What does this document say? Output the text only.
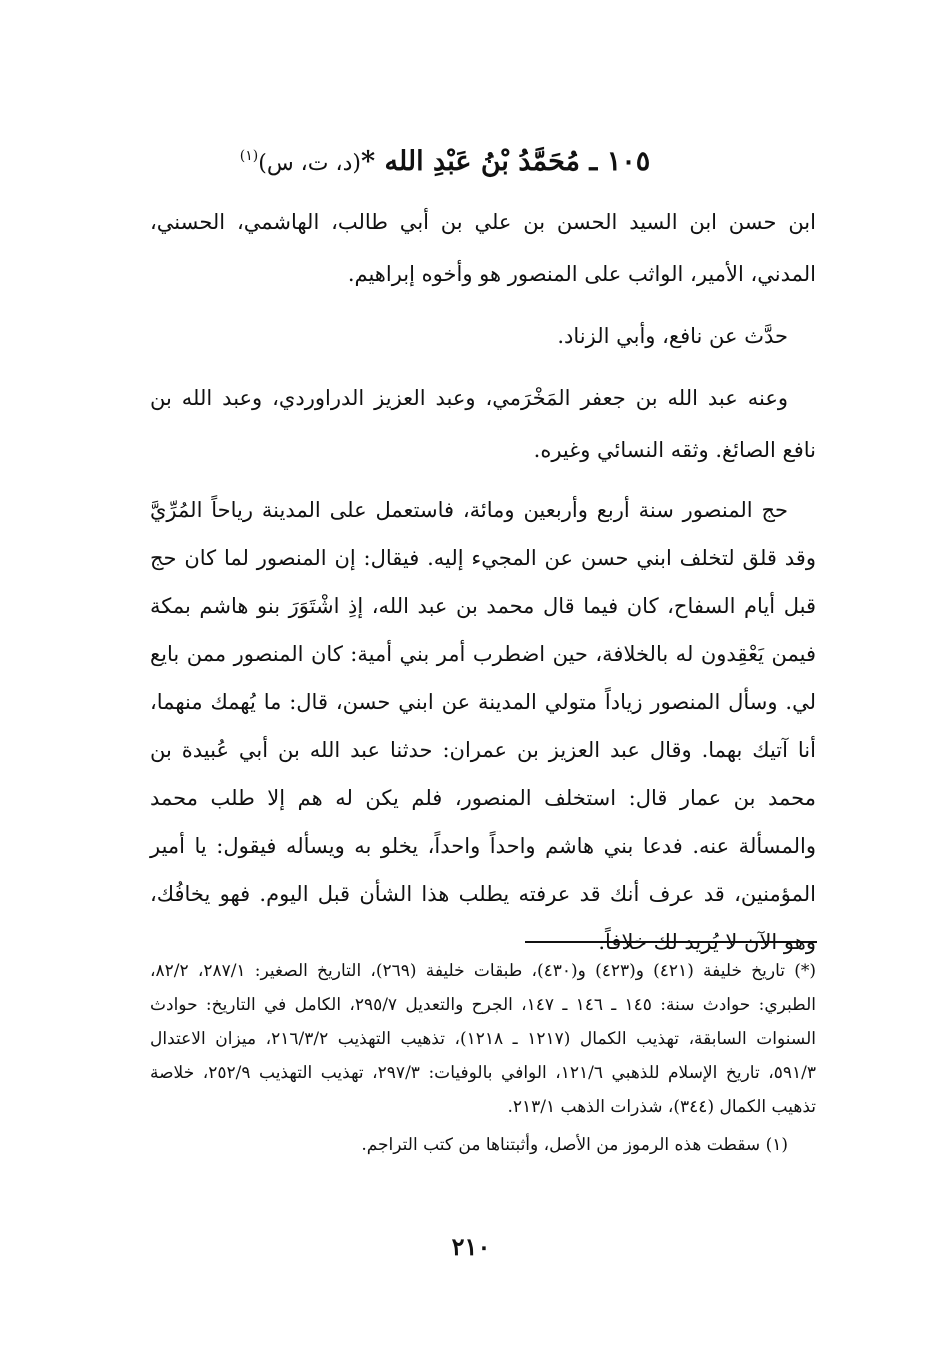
١٠٥ ـ مُحَمَّدُ بْنُ عَبْدِ الله *(د، ت، س)$^{(١)}$

ابن حسن ابن السيد الحسن بن علي بن أبي طالب، الهاشمي، الحسني، المدني، الأمير، الواثب على المنصور هو وأخوه إبراهيم.

حدَّث عن نافع، وأبي الزناد.

وعنه عبد الله بن جعفر المَخْرَمي، وعبد العزيز الدراوردي، وعبد الله بن نافع الصائغ. وثقه النسائي وغيره.

حج المنصور سنة أربع وأربعين ومائة، فاستعمل على المدينة رياحاً المُرِّيَّ وقد قلق لتخلف ابني حسن عن المجيء إليه. فيقال: إن المنصور لما كان حج قبل أيام السفاح، كان فيما قال محمد بن عبد الله، إذِ اشْتَوَرَ بنو هاشم بمكة فيمن يَعْقِدون له بالخلافة، حين اضطرب أمر بني أمية: كان المنصور ممن بايع لي. وسأل المنصور زياداً متولي المدينة عن ابني حسن، قال: ما يُهمك منهما، أنا آتيك بهما. وقال عبد العزيز بن عمران: حدثنا عبد الله بن أبي عُبيدة بن محمد بن عمار قال: استخلف المنصور، فلم يكن له هم إلا طلب محمد والمسألة عنه. فدعا بني هاشم واحداً واحداً، يخلو به ويسأله فيقول: يا أمير المؤمنين، قد عرف أنك قد عرفته يطلب هذا الشأن قبل اليوم. فهو يخافُك، وهو الآن لا يُريد لك خلافاً.

(*) تاريخ خليفة (٤٢١) و(٤٢٣) و(٤٣٠)، طبقات خليفة (٢٦٩)، التاريخ الصغير: ٢٨٧/١، ٨٢/٢، الطبري: حوادث سنة: ١٤٥ ـ ١٤٦ ـ ١٤٧، الجرح والتعديل ٢٩٥/٧، الكامل في التاريخ: حوادث السنوات السابقة، تهذيب الكمال (١٢١٧ ـ ١٢١٨)، تذهيب التهذيب ٢١٦/٣/٢، ميزان الاعتدال ٥٩١/٣، تاريخ الإسلام للذهبي ١٢١/٦، الوافي بالوفيات: ٢٩٧/٣، تهذيب التهذيب ٢٥٢/٩، خلاصة تذهيب الكمال (٣٤٤)، شذرات الذهب ٢١٣/١.

(١) سقطت هذه الرموز من الأصل، وأثبتناها من كتب التراجم.

٢١٠
